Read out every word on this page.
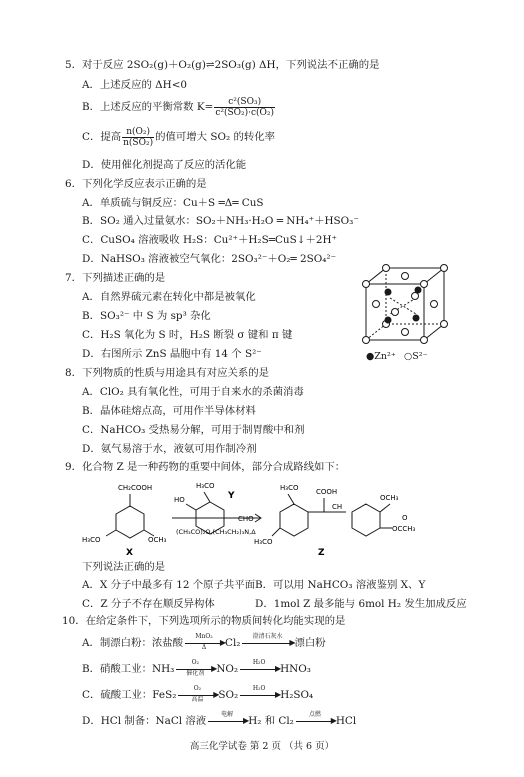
5．对于反应 2SO₂(g)＋O₂(g)⇌2SO₃(g) ΔH，下列说法不正确的是
A．上述反应的 ΔH<0
B．上述反应的平衡常数 $K= \frac{\text{c²(SO₃)}}{\text{c²(SO₂)·c(O₂)}}$
C．提高 $\frac{\text{n(O₂)}}{\text{n(SO₂)}}$ 的值可增大 SO₂ 的转化率
D．使用催化剂提高了反应的活化能
6．下列化学反应表示正确的是
A．单质硫与铜反应：Cu＋S ═Δ═ CuS
B．SO₂ 通入过量氨水：SO₂＋NH₃·H₂O ═ NH₄⁺＋HSO₃⁻
C．CuSO₄ 溶液吸收 H₂S：Cu²⁺＋H₂S═CuS↓＋2H⁺
D．NaHSO₃ 溶液被空气氧化：2SO₃²⁻＋O₂═ 2SO₄²⁻
7．下列描述正确的是
A．自然界硫元素在转化中都是被氧化
B．SO₃²⁻ 中 S 为 sp³ 杂化
C．H₂S 氧化为 S 时，H₂S 断裂 σ 键和 π 键
D．右图所示 ZnS 晶胞中有 14 个 S²⁻	●Zn²⁺ ○S²⁻
8．下列物质的性质与用途具有对应关系的是
A．ClO₂ 具有氧化性，可用于自来水的杀菌消毒
B．晶体硅熔点高，可用作半导体材料
C．NaHCO₃ 受热易分解，可用于制胃酸中和剂
D．氨气易溶于水，液氨可用作制冷剂
9．化合物 Z 是一种药物的重要中间体，部分合成路线如下：
CH₂COOH
H₃CO	OCH₃
X
H₃CO
HO
CHO
Y
(CH₃CO)₂O,(CH₃CH₂)₃N,Δ
H₃CO	COOH
CH
H₃CO
OCH₃
OCCH₃
O
Z
下列说法正确的是
A．X 分子中最多有 12 个原子共平面 B．可以用 NaHCO₃ 溶液鉴别 X、Y
C．Z 分子不存在顺反异构体	D．1mol Z 最多能与 6mol H₂ 发生加成反应
10．在给定条件下，下列选项所示的物质间转化均能实现的是
A．制漂白粉：浓盐酸
MnO₂
▶
Δ	Cl₂
澄清石灰水
▶ 漂白粉
B．硝酸工业：NH₃
O₂
▶
催化剂	NO₂
H₂O
▶ HNO₃
C．硫酸工业：FeS₂
O₂
▶
高温	SO₂
H₂O
▶ H₂SO₄
D．HCl 制备：NaCl 溶液
电解
▶ H₂ 和 Cl₂
点燃
▶ HCl
高三化学试卷 第 2 页 （共 6 页）
